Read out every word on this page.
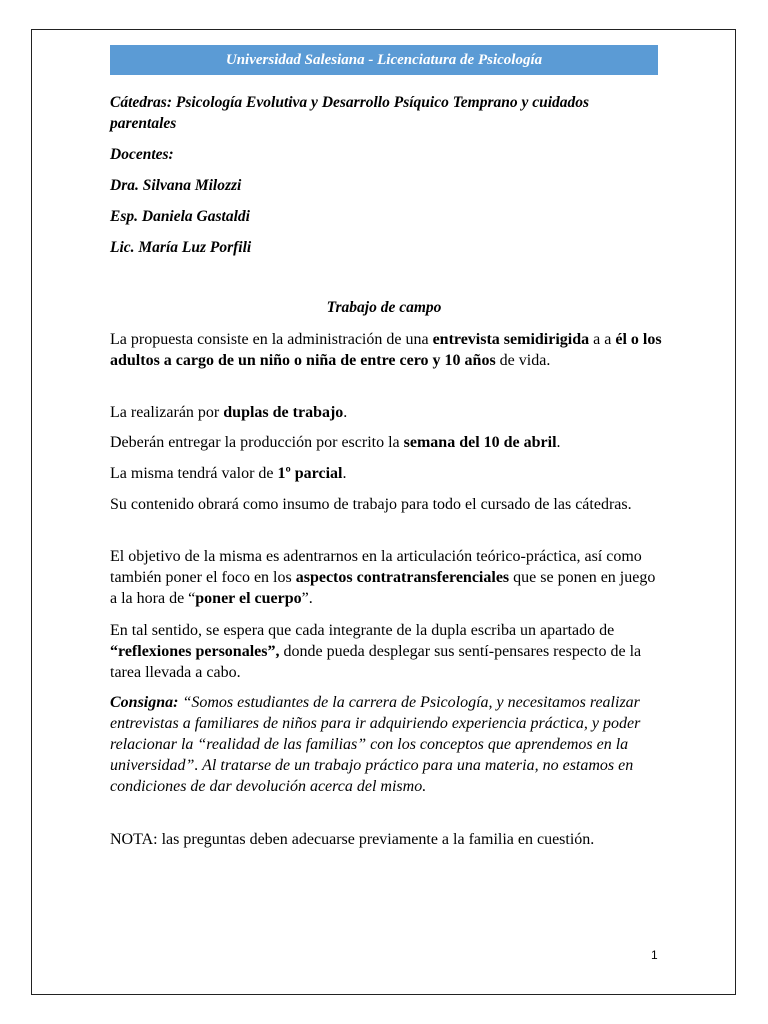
Universidad Salesiana - Licenciatura de Psicología
Cátedras: Psicología Evolutiva y Desarrollo Psíquico Temprano y cuidados parentales
Docentes:
Dra. Silvana Milozzi
Esp. Daniela Gastaldi
Lic. María Luz Porfili
Trabajo de campo
La propuesta consiste en la administración de una entrevista semidirigida a a él o los adultos a cargo de un niño o niña de entre cero y 10 años de vida.
La realizarán por duplas de trabajo.
Deberán entregar la producción por escrito la semana del 10 de abril.
La misma tendrá valor de 1º parcial.
Su contenido obrará como insumo de trabajo para todo el cursado de las cátedras.
El objetivo de la misma es adentrarnos en la articulación teórico-práctica, así como también poner el foco en los aspectos contratransferenciales que se ponen en juego a la hora de “poner el cuerpo”.
En tal sentido, se espera que cada integrante de la dupla escriba un apartado de “reflexiones personales”, donde pueda desplegar sus sentí-pensares respecto de la tarea llevada a cabo.
Consigna: “Somos estudiantes de la carrera de Psicología, y necesitamos realizar entrevistas a familiares de niños para ir adquiriendo experiencia práctica, y poder relacionar la “realidad de las familias” con los conceptos que aprendemos en la universidad”. Al tratarse de un trabajo práctico para una materia, no estamos en condiciones de dar devolución acerca del mismo.
NOTA: las preguntas deben adecuarse previamente a la familia en cuestión.
1
